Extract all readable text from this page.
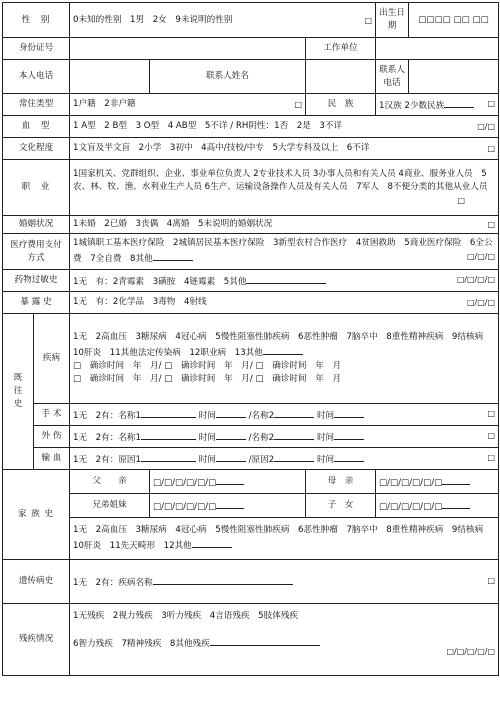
性　别		0未知的性别　1男　2女　9未说明的性别 □			出生日期	□□□□ □□ □□
身份证号				工作单位		
本人电话			联系人姓名		联系人电话	
常住类型		1户籍　2非户籍 □		民　族	1汉族 2少数民族 □	

血　型		1 A型　2 B型　3 O型　4 AB型　5不详 / RH阴性：1否　2是　3不详 □/□				

文化程度		1文盲及半文盲　2小学　3初中　4高中/技校/中专　5大学专科及以上　6不详 □				

职　业		1国家机关、党群组织、企业、事业单位负责人 2专业技术人员 3办事人员和有关人员 4商业、服务业人员　5农、林、牧、渔、水利业生产人员 6生产、运输设备操作人员及有关人员　7军人　8不便分类的其他从业人员
□				

婚姻状况		1未婚　2已婚　3丧偶　4离婚　5未说明的婚姻状况 □				

医疗费用支付方式		1城镇职工基本医疗保险　2城镇居民基本医疗保险　3新型农村合作医疗　4贫困救助　5商业医疗保险　6全公费　7全自费　8其他 □/□/□				

药物过敏史		1无　有：2青霉素　3磺胺　4链霉素　5其他 □/□/□/□				

暴 露 史		1无　有：2化学品　3毒物　4射线 □/□/□				

既往史	疾病	1无　2高血压　3糖尿病　4冠心病　5慢性阻塞性肺疾病　6恶性肿瘤　7脑卒中　8重性精神疾病　9结核病　10肝炎　11其他法定传染病　12职业病　13其他
□　确诊时间 年　月/ □　确诊时间 年　月/ □　确诊时间 年　月
□　确诊时间 年　月/ □　确诊时间 年　月/ □　确诊时间 年　月				

	手 术	1无　2有：名称1 时间 /名称2 时间 □				

	外 伤	1无　2有：名称1 时间 /名称2 时间 □				

	输 血	1无　2有：原因1 时间 /原因2 时间 □				

家 族 史		父　　亲	□/□/□/□/□/□	母　亲	□/□/□/□/□/□	
		兄弟姐妹	□/□/□/□/□/□	子　女	□/□/□/□/□/□	
		1无　2高血压　3糖尿病　4冠心病　5慢性阻塞性肺疾病　6恶性肿瘤　7脑卒中　8重性精神疾病　9结核病　10肝炎　11先天畸形　12其他				
遗传病史		1无　2有：疾病名称 □				

残疾情况		1无残疾　2视力残疾　3听力残疾　4言语残疾　5肢体残疾
6智力残疾　7精神残疾　8其他残疾
□/□/□/□/□				
